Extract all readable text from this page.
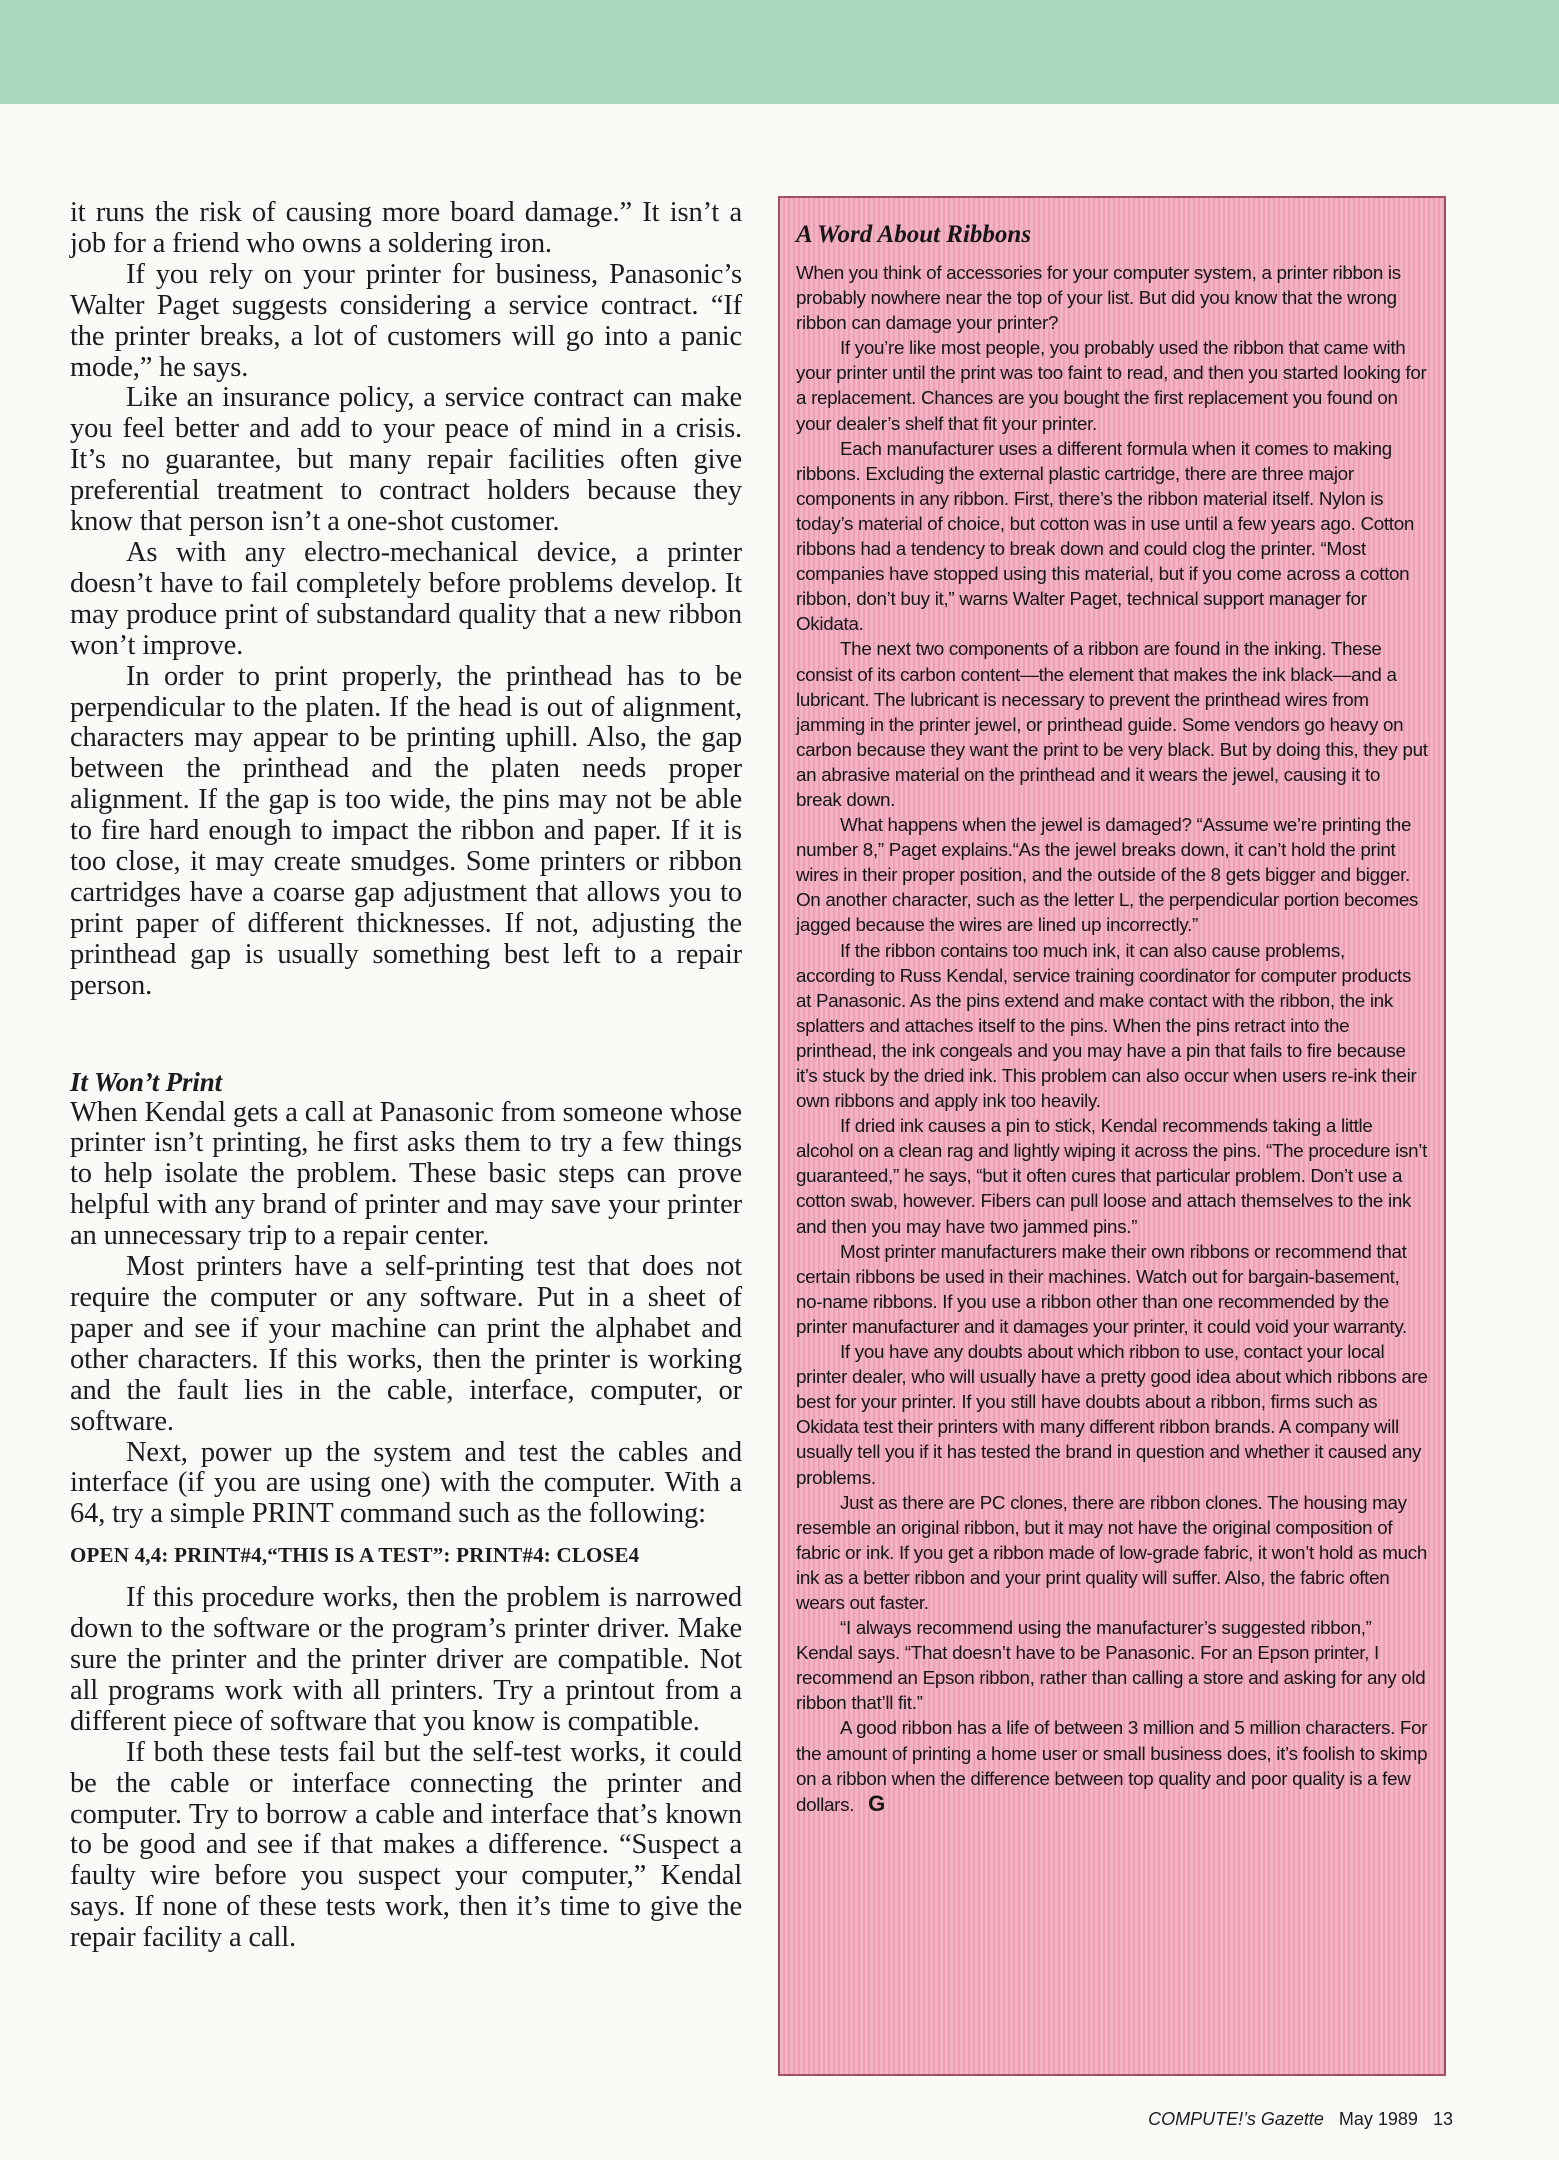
it runs the risk of causing more board damage.” It isn’t a job for a friend who owns a soldering iron.

If you rely on your printer for business, Panasonic’s Walter Paget suggests considering a service contract. “If the printer breaks, a lot of customers will go into a panic mode,” he says.

Like an insurance policy, a service contract can make you feel better and add to your peace of mind in a crisis. It’s no guarantee, but many repair facilities often give preferential treatment to contract holders because they know that person isn’t a one-shot customer.

As with any electro-mechanical device, a printer doesn’t have to fail completely before problems develop. It may produce print of substandard quality that a new ribbon won’t improve.

In order to print properly, the printhead has to be perpendicular to the platen. If the head is out of alignment, characters may appear to be printing uphill. Also, the gap between the printhead and the platen needs proper alignment. If the gap is too wide, the pins may not be able to fire hard enough to impact the ribbon and paper. If it is too close, it may create smudges. Some printers or ribbon cartridges have a coarse gap adjustment that allows you to print paper of different thicknesses. If not, adjusting the printhead gap is usually something best left to a repair person.

It Won’t Print

When Kendal gets a call at Panasonic from someone whose printer isn’t printing, he first asks them to try a few things to help isolate the problem. These basic steps can prove helpful with any brand of printer and may save your printer an unnecessary trip to a repair center.

Most printers have a self-printing test that does not require the computer or any software. Put in a sheet of paper and see if your machine can print the alphabet and other characters. If this works, then the printer is working and the fault lies in the cable, interface, computer, or software.

Next, power up the system and test the cables and interface (if you are using one) with the computer. With a 64, try a simple PRINT command such as the following:

OPEN 4,4: PRINT#4,“THIS IS A TEST”: PRINT#4: CLOSE4

If this procedure works, then the problem is narrowed down to the software or the program’s printer driver. Make sure the printer and the printer driver are compatible. Not all programs work with all printers. Try a printout from a different piece of software that you know is compatible.

If both these tests fail but the self-test works, it could be the cable or interface connecting the printer and computer. Try to borrow a cable and interface that’s known to be good and see if that makes a difference. “Suspect a faulty wire before you suspect your computer,” Kendal says. If none of these tests work, then it’s time to give the repair facility a call.

A Word About Ribbons

When you think of accessories for your computer system, a printer ribbon is probably nowhere near the top of your list. But did you know that the wrong ribbon can damage your printer?

If you’re like most people, you probably used the ribbon that came with your printer until the print was too faint to read, and then you started looking for a replacement. Chances are you bought the first replacement you found on your dealer’s shelf that fit your printer.

Each manufacturer uses a different formula when it comes to making ribbons. Excluding the external plastic cartridge, there are three major components in any ribbon. First, there’s the ribbon material itself. Nylon is today’s material of choice, but cotton was in use until a few years ago. Cotton ribbons had a tendency to break down and could clog the printer. “Most companies have stopped using this material, but if you come across a cotton ribbon, don’t buy it,” warns Walter Paget, technical support manager for Okidata.

The next two components of a ribbon are found in the inking. These consist of its carbon content—the element that makes the ink black—and a lubricant. The lubricant is necessary to prevent the printhead wires from jamming in the printer jewel, or printhead guide. Some vendors go heavy on carbon because they want the print to be very black. But by doing this, they put an abrasive material on the printhead and it wears the jewel, causing it to break down.

What happens when the jewel is damaged? “Assume we’re printing the number 8,” Paget explains.“As the jewel breaks down, it can’t hold the print wires in their proper position, and the outside of the 8 gets bigger and bigger. On another character, such as the letter L, the perpendicular portion becomes jagged because the wires are lined up incorrectly.”

If the ribbon contains too much ink, it can also cause problems, according to Russ Kendal, service training coordinator for computer products at Panasonic. As the pins extend and make contact with the ribbon, the ink splatters and attaches itself to the pins. When the pins retract into the printhead, the ink congeals and you may have a pin that fails to fire because it’s stuck by the dried ink. This problem can also occur when users re-ink their own ribbons and apply ink too heavily.

If dried ink causes a pin to stick, Kendal recommends taking a little alcohol on a clean rag and lightly wiping it across the pins. “The procedure isn’t guaranteed,” he says, “but it often cures that particular problem. Don’t use a cotton swab, however. Fibers can pull loose and attach themselves to the ink and then you may have two jammed pins.”

Most printer manufacturers make their own ribbons or recommend that certain ribbons be used in their machines. Watch out for bargain-basement, no-name ribbons. If you use a ribbon other than one recommended by the printer manufacturer and it damages your printer, it could void your warranty.

If you have any doubts about which ribbon to use, contact your local printer dealer, who will usually have a pretty good idea about which ribbons are best for your printer. If you still have doubts about a ribbon, firms such as Okidata test their printers with many different ribbon brands. A company will usually tell you if it has tested the brand in question and whether it caused any problems.

Just as there are PC clones, there are ribbon clones. The housing may resemble an original ribbon, but it may not have the original composition of fabric or ink. If you get a ribbon made of low-grade fabric, it won’t hold as much ink as a better ribbon and your print quality will suffer. Also, the fabric often wears out faster.

“I always recommend using the manufacturer’s suggested ribbon,” Kendal says. “That doesn’t have to be Panasonic. For an Epson printer, I recommend an Epson ribbon, rather than calling a store and asking for any old ribbon that’ll fit.”

A good ribbon has a life of between 3 million and 5 million characters. For the amount of printing a home user or small business does, it’s foolish to skimp on a ribbon when the difference between top quality and poor quality is a few dollars. G

COMPUTE!’s Gazette May 1989 13
